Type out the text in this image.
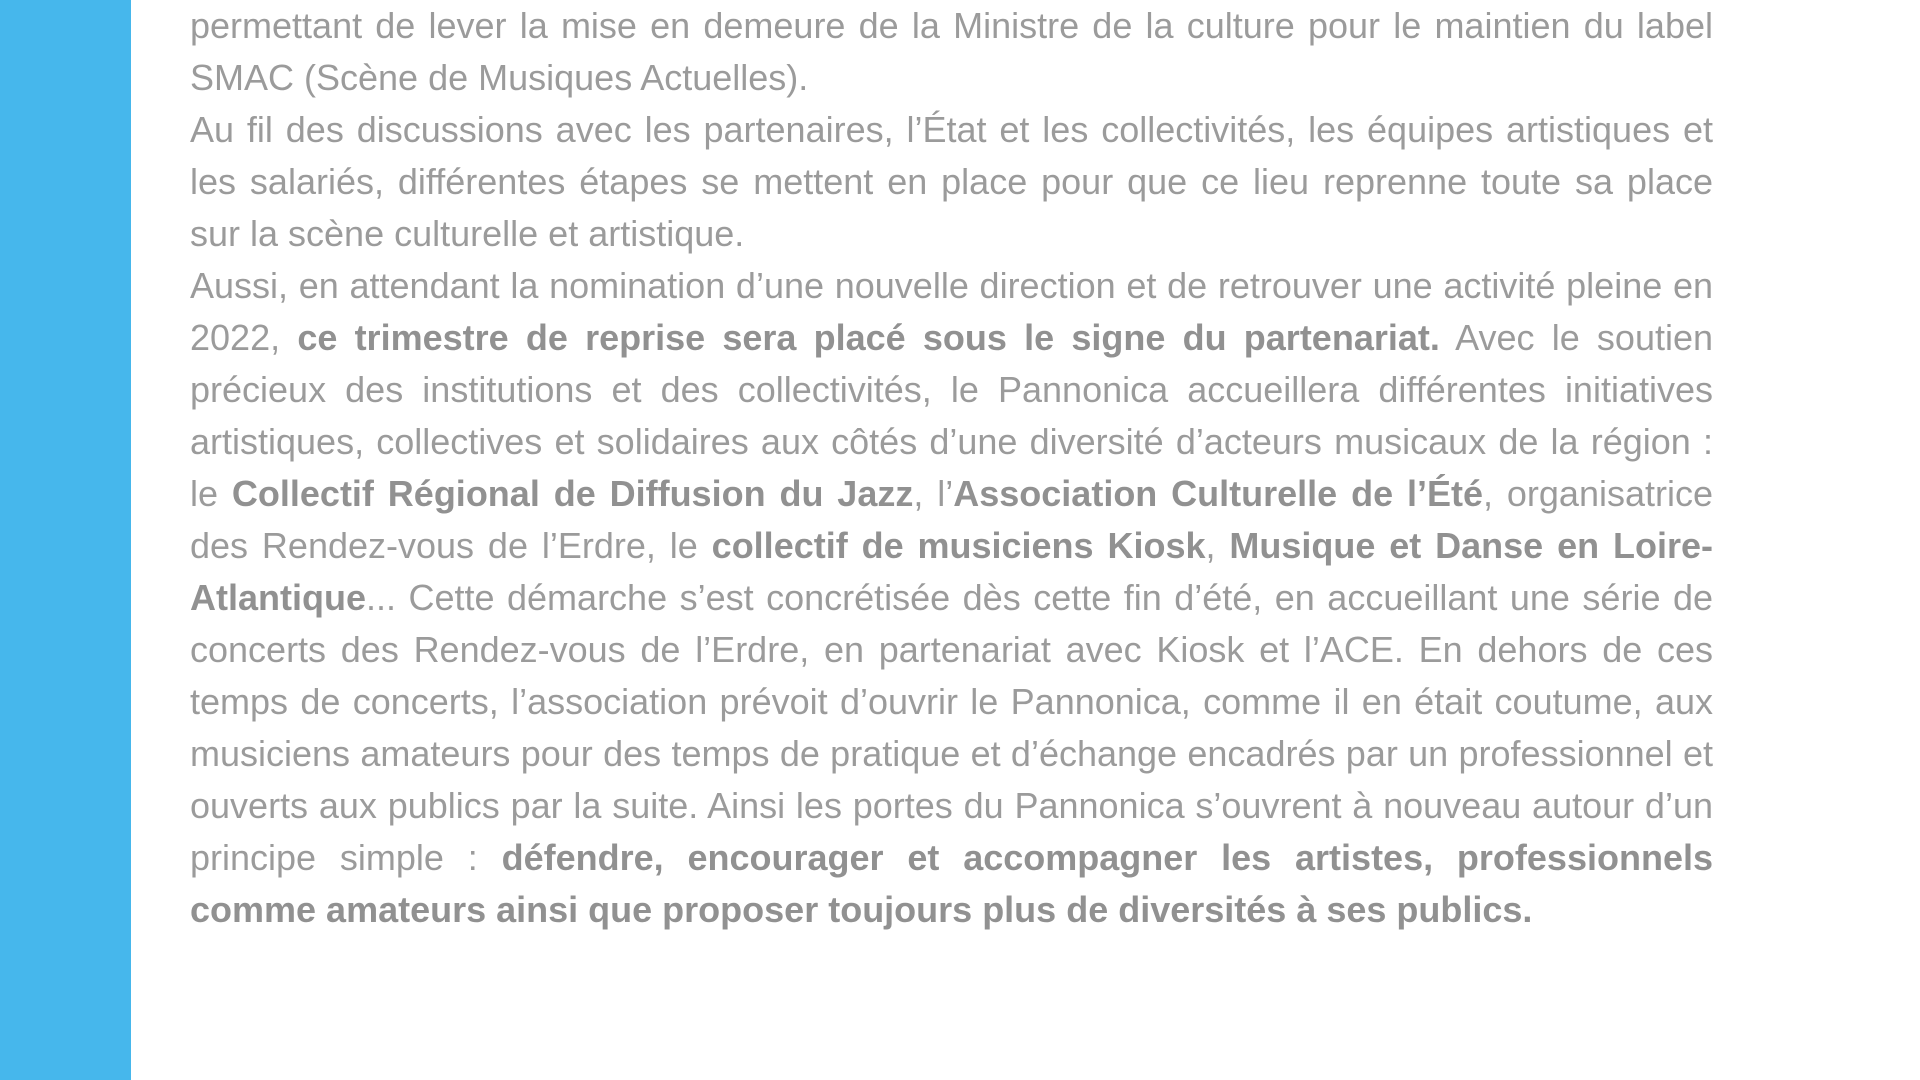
permettant de lever la mise en demeure de la Ministre de la culture pour le maintien du label SMAC (Scène de Musiques Actuelles).

Au fil des discussions avec les partenaires, l’État et les collectivités, les équipes artistiques et les salariés, différentes étapes se mettent en place pour que ce lieu reprenne toute sa place sur la scène culturelle et artistique.

Aussi, en attendant la nomination d’une nouvelle direction et de retrouver une activité pleine en 2022, ce trimestre de reprise sera placé sous le signe du partenariat. Avec le soutien précieux des institutions et des collectivités, le Pannonica accueillera différentes initiatives artistiques, collectives et solidaires aux côtés d’une diversité d’acteurs musicaux de la région : le Collectif Régional de Diffusion du Jazz, l’Association Culturelle de l’Été, organisatrice des Rendez-vous de l’Erdre, le collectif de musiciens Kiosk, Musique et Danse en Loire-Atlantique... Cette démarche s’est concrétisée dès cette fin d’été, en accueillant une série de concerts des Rendez-vous de l’Erdre, en partenariat avec Kiosk et l’ACE. En dehors de ces temps de concerts, l’association prévoit d’ouvrir le Pannonica, comme il en était coutume, aux musiciens amateurs pour des temps de pratique et d’échange encadrés par un professionnel et ouverts aux publics par la suite. Ainsi les portes du Pannonica s’ouvrent à nouveau autour d’un principe simple : défendre, encourager et accompagner les artistes, professionnels comme amateurs ainsi que proposer toujours plus de diversités à ses publics.
